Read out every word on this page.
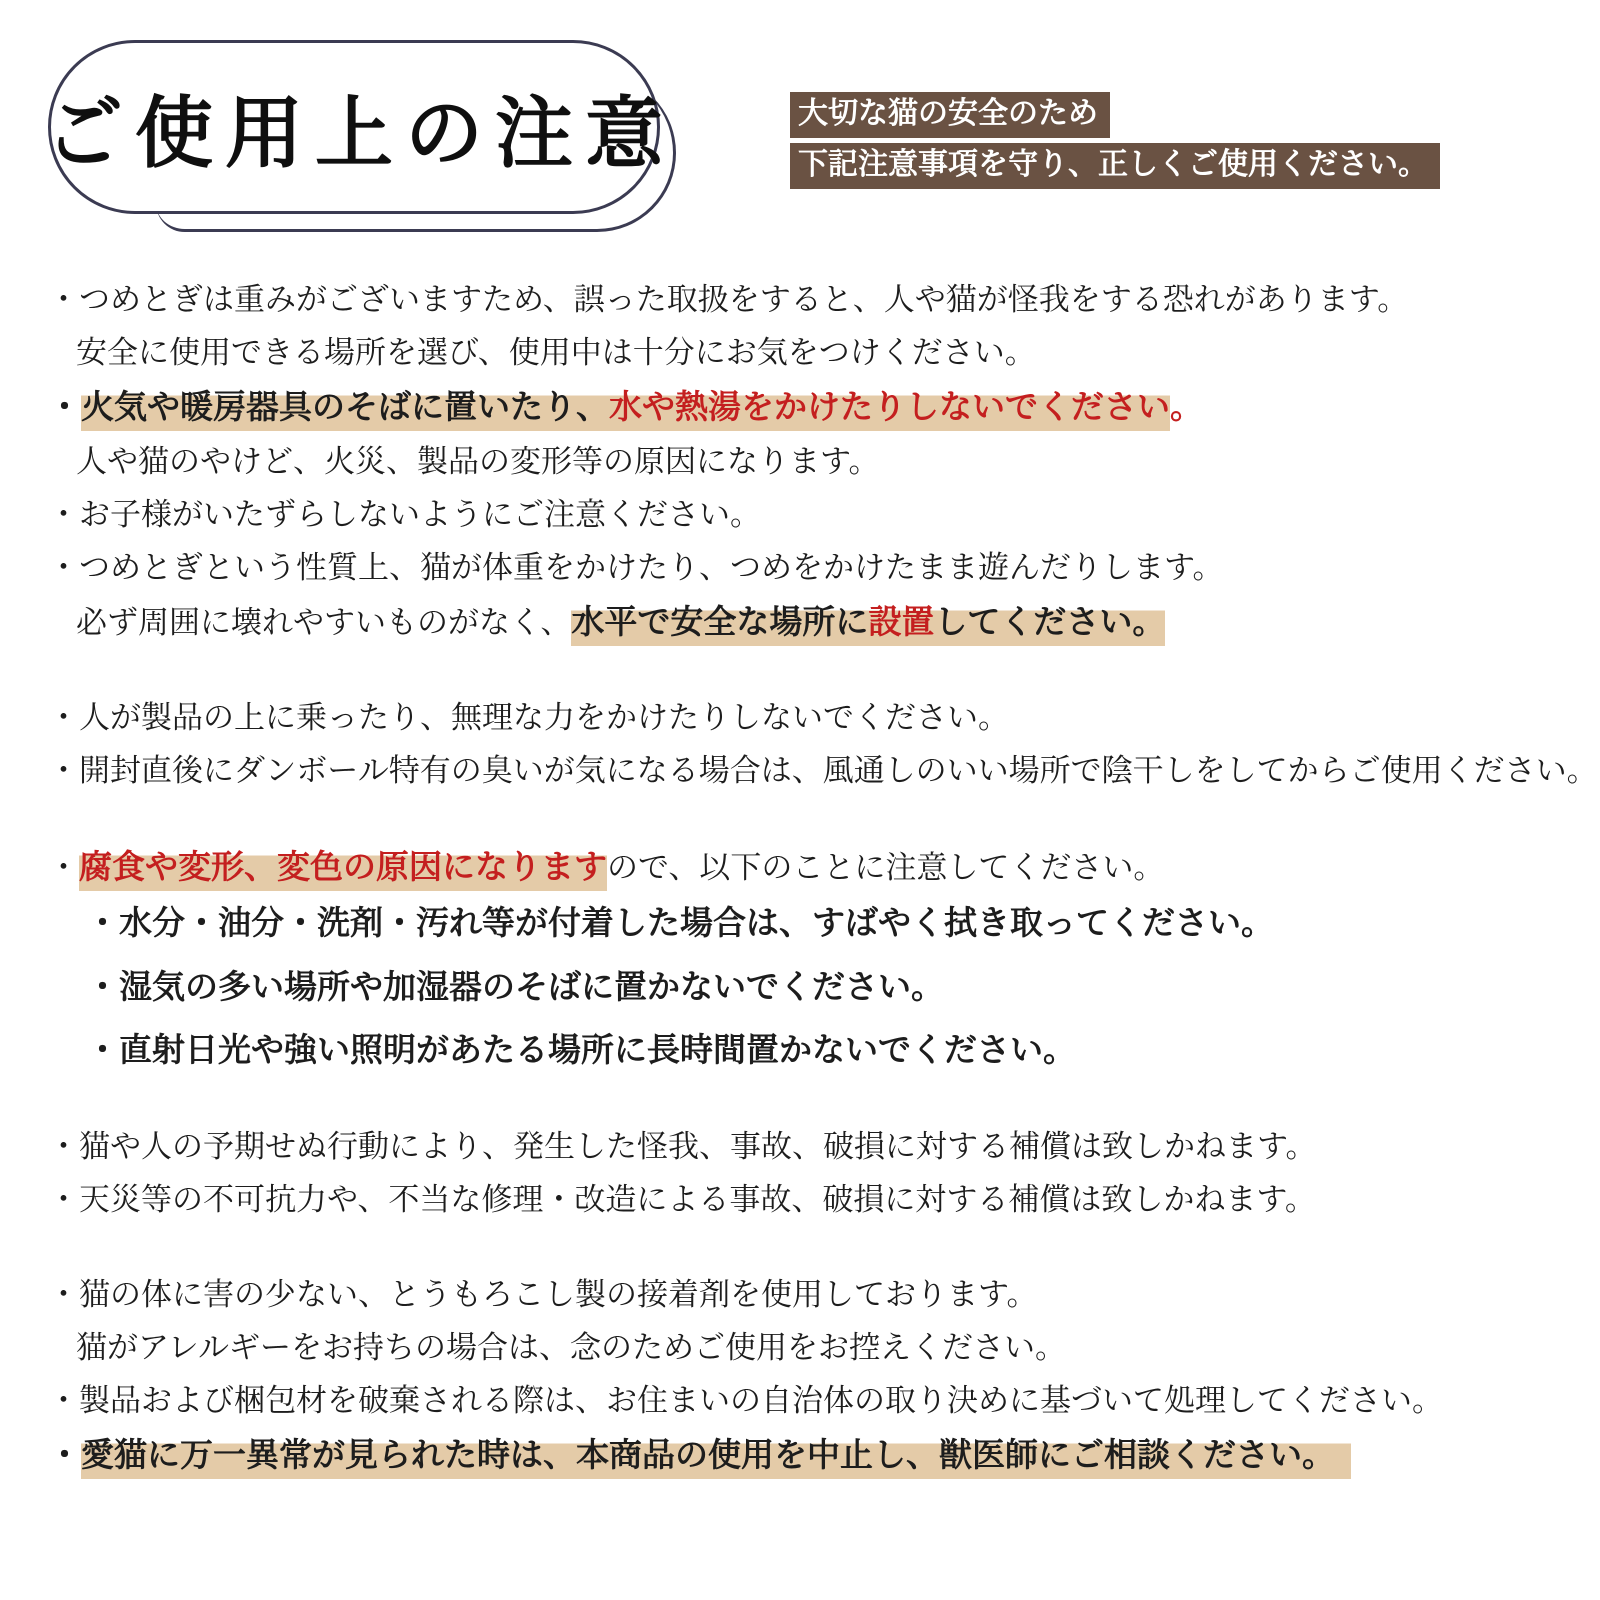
ご使用上の注意	大切な猫の安全のため
下記注意事項を守り、正しくご使用ください。

・つめとぎは重みがございますため、誤った取扱をすると、人や猫が怪我をする恐れがあります。

安全に使用できる場所を選び、使用中は十分にお気をつけください。

・火気や暖房器具のそばに置いたり、水や熱湯をかけたりしないでください。

人や猫のやけど、火災、製品の変形等の原因になります。

・お子様がいたずらしないようにご注意ください。

・つめとぎという性質上、猫が体重をかけたり、つめをかけたまま遊んだりします。

必ず周囲に壊れやすいものがなく、水平で安全な場所に設置してください。

・人が製品の上に乗ったり、無理な力をかけたりしないでください。

・開封直後にダンボール特有の臭いが気になる場合は、風通しのいい場所で陰干しをしてからご使用ください。

・腐食や変形、変色の原因になりますので、以下のことに注意してください。

・水分・油分・洗剤・汚れ等が付着した場合は、すばやく拭き取ってください。

・湿気の多い場所や加湿器のそばに置かないでください。

・直射日光や強い照明があたる場所に長時間置かないでください。

・猫や人の予期せぬ行動により、発生した怪我、事故、破損に対する補償は致しかねます。

・天災等の不可抗力や、不当な修理・改造による事故、破損に対する補償は致しかねます。

・猫の体に害の少ない、とうもろこし製の接着剤を使用しております。

猫がアレルギーをお持ちの場合は、念のためご使用をお控えください。

・製品および梱包材を破棄される際は、お住まいの自治体の取り決めに基づいて処理してください。

・愛猫に万一異常が見られた時は、本商品の使用を中止し、獣医師にご相談ください。
